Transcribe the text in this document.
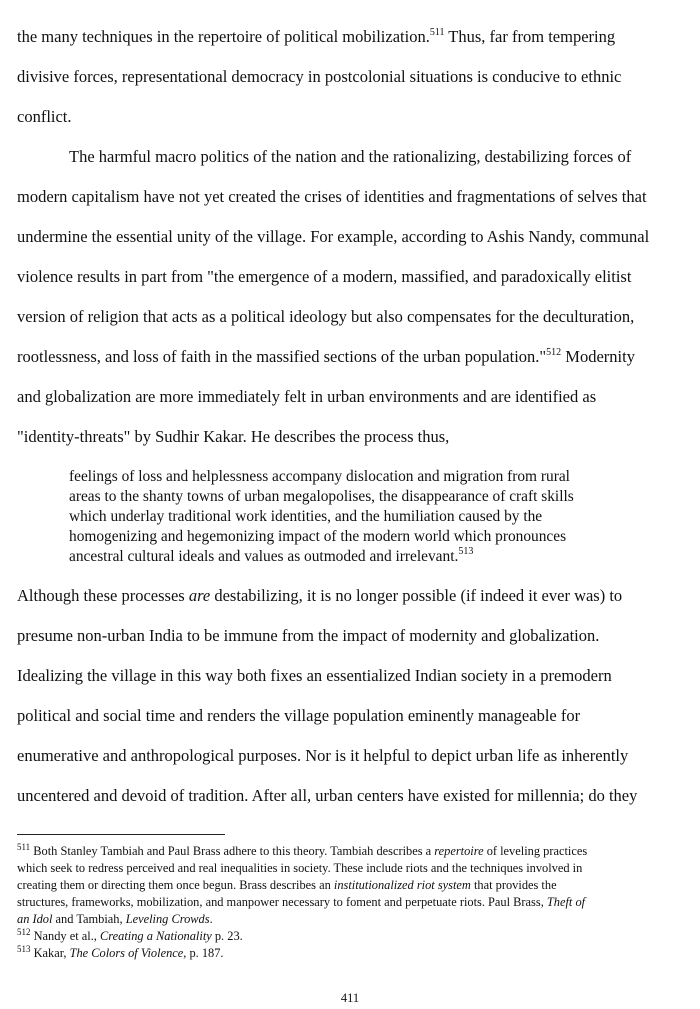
the many techniques in the repertoire of political mobilization.$^{511}$ Thus, far from tempering
divisive forces, representational democracy in postcolonial situations is conducive to ethnic
conflict.
The harmful macro politics of the nation and the rationalizing, destabilizing forces of
modern capitalism have not yet created the crises of identities and fragmentations of selves that
undermine the essential unity of the village. For example, according to Ashis Nandy, communal
violence results in part from "the emergence of a modern, massified, and paradoxically elitist
version of religion that acts as a political ideology but also compensates for the deculturation,
rootlessness, and loss of faith in the massified sections of the urban population."$^{512}$ Modernity
and globalization are more immediately felt in urban environments and are identified as
"identity-threats" by Sudhir Kakar. He describes the process thus,
feelings of loss and helplessness accompany dislocation and migration from rural
areas to the shanty towns of urban megalopolises, the disappearance of craft skills
which underlay traditional work identities, and the humiliation caused by the
homogenizing and hegemonizing impact of the modern world which pronounces
ancestral cultural ideals and values as outmoded and irrelevant.$^{513}$
Although these processes are destabilizing, it is no longer possible (if indeed it ever was) to
presume non-urban India to be immune from the impact of modernity and globalization.
Idealizing the village in this way both fixes an essentialized Indian society in a premodern
political and social time and renders the village population eminently manageable for
enumerative and anthropological purposes. Nor is it helpful to depict urban life as inherently
uncentered and devoid of tradition. After all, urban centers have existed for millennia; do they
$^{511}$ Both Stanley Tambiah and Paul Brass adhere to this theory. Tambiah describes a repertoire of leveling practices
which seek to redress perceived and real inequalities in society. These include riots and the techniques involved in
creating them or directing them once begun. Brass describes an institutionalized riot system that provides the
structures, frameworks, mobilization, and manpower necessary to foment and perpetuate riots. Paul Brass, Theft of
an Idol and Tambiah, Leveling Crowds.
$^{512}$ Nandy et al., Creating a Nationality p. 23.
$^{513}$ Kakar, The Colors of Violence, p. 187.
411
